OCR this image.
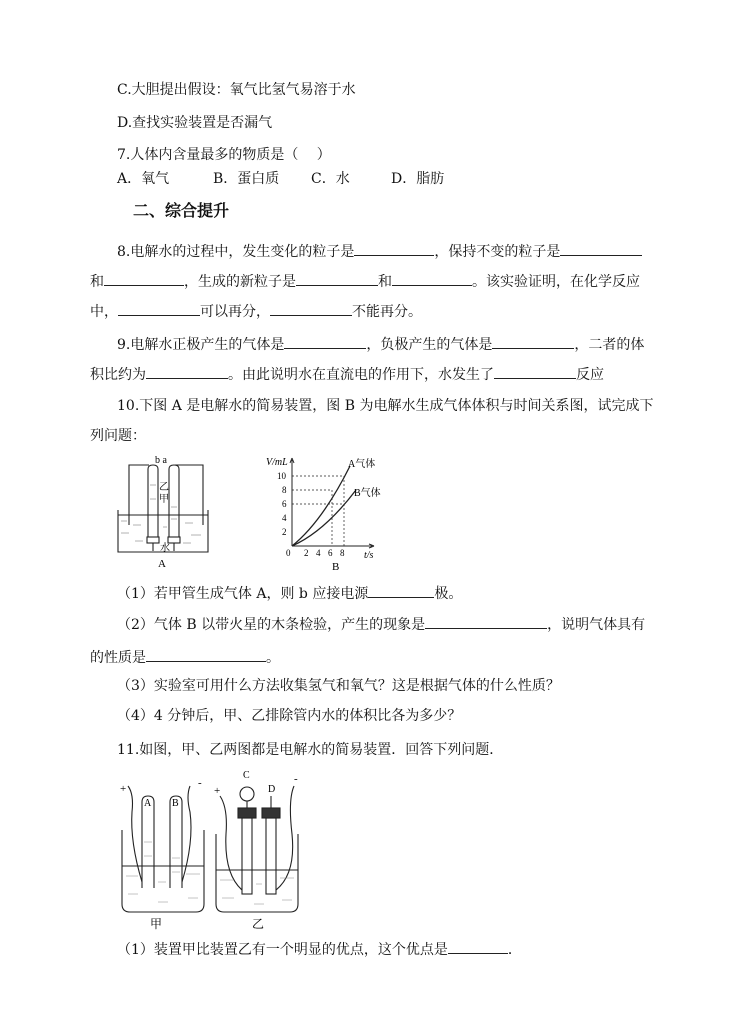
C.大胆提出假设：氧气比氢气易溶于水
D.查找实验装置是否漏气
7.人体内含量最多的物质是（　 ）
A．氧气	B．蛋白质 C．水	D．脂肪
二、综合提升
8.电解水的过程中，发生变化的粒子是	，保持不变的粒子是
和	，生成的新粒子是	和	。该实验证明，在化学反应
中，	可以再分，	不能再分。
9.电解水正极产生的气体是	，负极产生的气体是	，二者的体
积比约为	。由此说明水在直流电的作用下，水发生了	反应
10.下图 A 是电解水的简易装置，图 B 为电解水生成气体体积与时间关系图，试完成下
列问题：
b a
乙
甲
水
A
V/mL
t/s
0
2
4
6
8
10
2 4 6 8
A气体
B气体
B
（1）若甲管生成气体 A，则 b 应接电源	极。
（2）气体 B 以带火星的木条检验，产生的现象是	，说明气体具有
的性质是	。
（3）实验室可用什么方法收集氢气和氧气？这是根据气体的什么性质？
（4）4 分钟后，甲、乙排除管内水的体积比各为多少？
11.如图，甲、乙两图都是电解水的简易装置．回答下列问题．
+	-
A B
甲
+
-
C
D
乙
（1）装置甲比装置乙有一个明显的优点，这个优点是	．
